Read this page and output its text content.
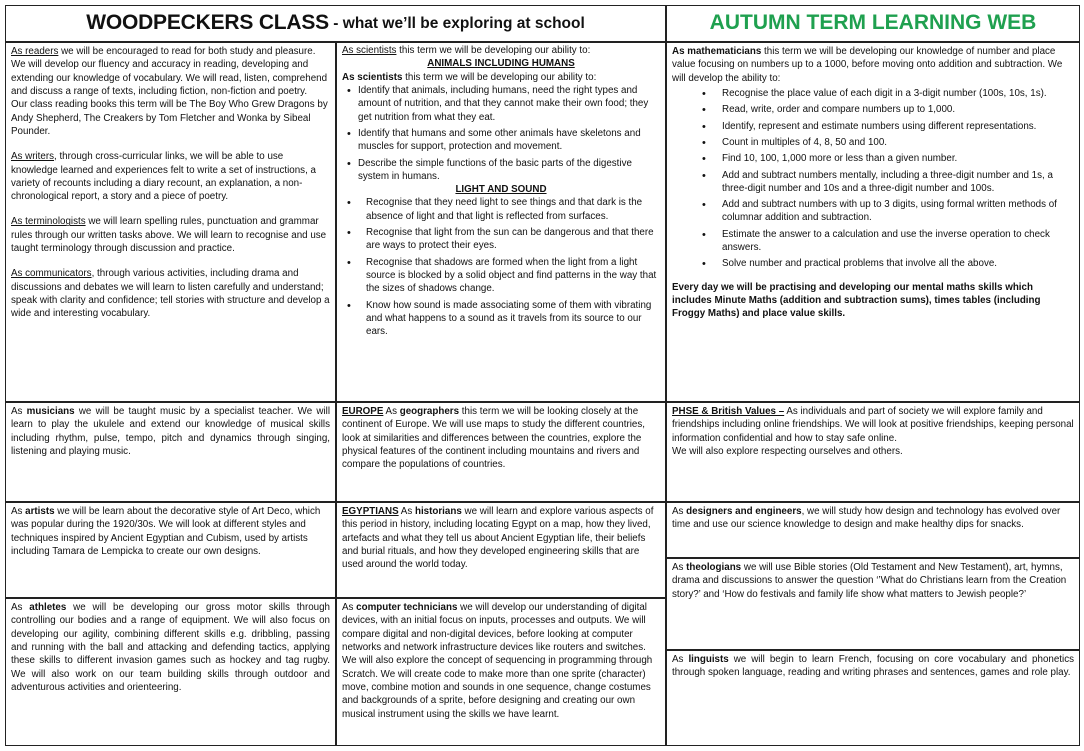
WOODPECKERS CLASS - what we’ll be exploring at school	AUTUMN TERM LEARNING WEB

As readers we will be encouraged to read for both study and pleasure. We will develop our fluency and accuracy in reading, developing and extending our knowledge of vocabulary. We will read, listen, comprehend and discuss a range of texts, including fiction, non-fiction and poetry.

Our class reading books this term will be The Boy Who Grew Dragons by Andy Shepherd, The Creakers by Tom Fletcher and Wonka by Sibeal Pounder.

As writers, through cross-curricular links, we will be able to use knowledge learned and experiences felt to write a set of instructions, a variety of recounts including a diary recount, an explanation, a non-chronological report, a story and a piece of poetry.

As terminologists we will learn spelling rules, punctuation and grammar rules through our written tasks above. We will learn to recognise and use taught terminology through discussion and practice.

As communicators, through various activities, including drama and discussions and debates we will learn to listen carefully and understand; speak with clarity and confidence; tell stories with structure and develop a wide and interesting vocabulary.

As scientists this term we will be developing our ability to:

ANIMALS INCLUDING HUMANS

As scientists this term we will be developing our ability to:

• Identify that animals, including humans, need the right types and amount of nutrition, and that they cannot make their own food; they get nutrition from what they eat.
• Identify that humans and some other animals have skeletons and muscles for support, protection and movement.
• Describe the simple functions of the basic parts of the digestive system in humans.

LIGHT AND SOUND

• Recognise that they need light to see things and that dark is the absence of light and that light is reflected from surfaces.
• Recognise that light from the sun can be dangerous and that there are ways to protect their eyes.
• Recognise that shadows are formed when the light from a light source is blocked by a solid object and find patterns in the way that the sizes of shadows change.
• Know how sound is made associating some of them with vibrating and what happens to a sound as it travels from its source to our ears.

As mathematicians this term we will be developing our knowledge of number and place value focusing on numbers up to a 1000, before moving onto addition and subtraction. We will develop the ability to:

• Recognise the place value of each digit in a 3-digit number (100s, 10s, 1s).
• Read, write, order and compare numbers up to 1,000.
• Identify, represent and estimate numbers using different representations.
• Count in multiples of 4, 8, 50 and 100.
• Find 10, 100, 1,000 more or less than a given number.
• Add and subtract numbers mentally, including a three-digit number and 1s, a three-digit number and 10s and a three-digit number and 100s.
• Add and subtract numbers with up to 3 digits, using formal written methods of columnar addition and subtraction.
• Estimate the answer to a calculation and use the inverse operation to check answers.
• Solve number and practical problems that involve all the above.

Every day we will be practising and developing our mental maths skills which includes Minute Maths (addition and subtraction sums), times tables (including Froggy Maths) and place value skills.

As musicians we will be taught music by a specialist teacher. We will learn to play the ukulele and extend our knowledge of musical skills including rhythm, pulse, tempo, pitch and dynamics through singing, listening and playing music.

EUROPE As geographers this term we will be looking closely at the continent of Europe. We will use maps to study the different countries, look at similarities and differences between the countries, explore the physical features of the continent including mountains and rivers and compare the populations of countries.

PHSE & British Values – As individuals and part of society we will explore family and friendships including online friendships. We will look at positive friendships, keeping personal information confidential and how to stay safe online.

We will also explore respecting ourselves and others.

As artists we will be learn about the decorative style of Art Deco, which was popular during the 1920/30s. We will look at different styles and techniques inspired by Ancient Egyptian and Cubism, used by artists including Tamara de Lempicka to create our own designs.

EGYPTIANS As historians we will learn and explore various aspects of this period in history, including locating Egypt on a map, how they lived, artefacts and what they tell us about Ancient Egyptian life, their beliefs and burial rituals, and how they developed engineering skills that are used around the world today.

As designers and engineers, we will study how design and technology has evolved over time and use our science knowledge to design and make healthy dips for snacks.

As theologians we will use Bible stories (Old Testament and New Testament), art, hymns, drama and discussions to answer the question ‘’What do Christians learn from the Creation story?’ and ‘How do festivals and family life show what matters to Jewish people?’

As athletes we will be developing our gross motor skills through controlling our bodies and a range of equipment. We will also focus on developing our agility, combining different skills e.g. dribbling, passing and running with the ball and attacking and defending tactics, applying these skills to different invasion games such as hockey and tag rugby. We will also work on our team building skills through outdoor and adventurous activities and orienteering.

As computer technicians we will develop our understanding of digital devices, with an initial focus on inputs, processes and outputs. We will compare digital and non-digital devices, before looking at computer networks and network infrastructure devices like routers and switches. We will also explore the concept of sequencing in programming through Scratch. We will create code to make more than one sprite (character) move, combine motion and sounds in one sequence, change costumes and backgrounds of a sprite, before designing and creating our own musical instrument using the skills we have learnt.

As linguists we will begin to learn French, focusing on core vocabulary and phonetics through spoken language, reading and writing phrases and sentences, games and role play.
